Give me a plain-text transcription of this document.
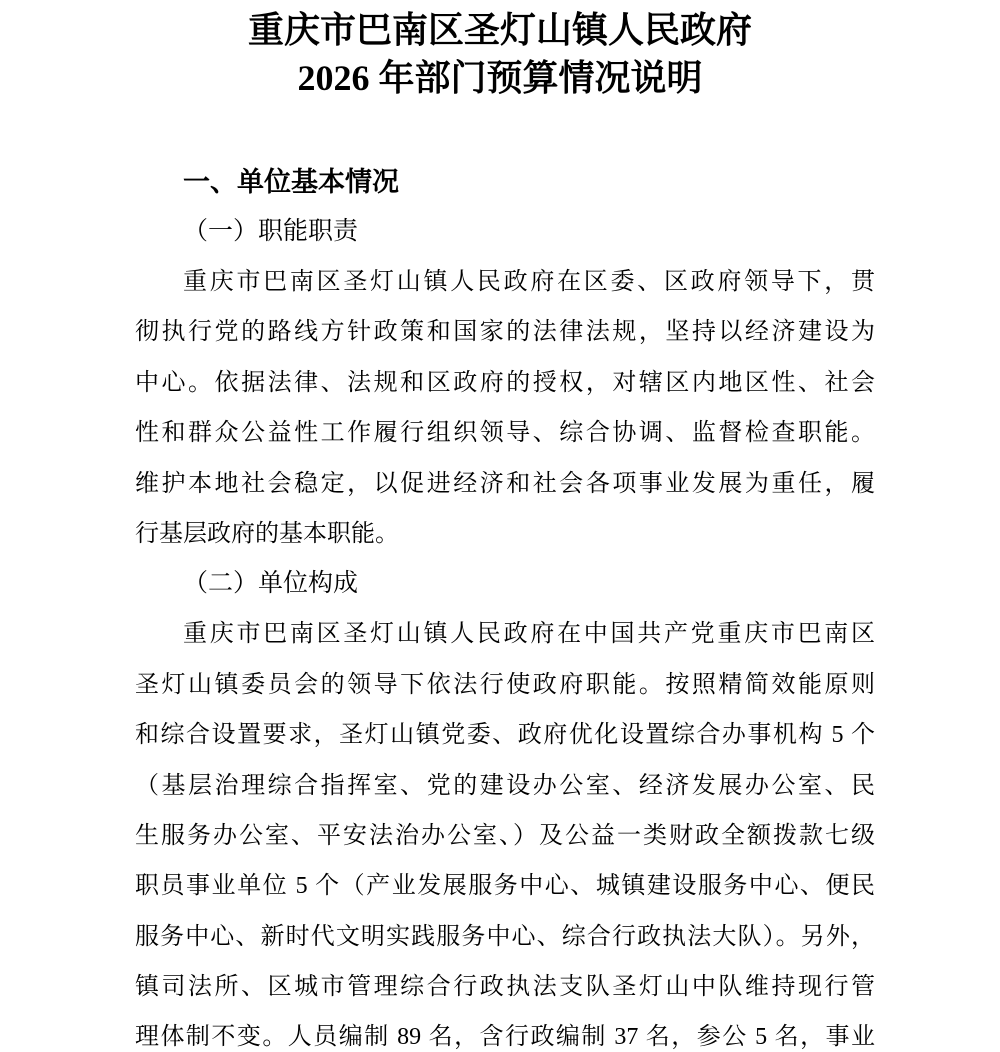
重庆市巴南区圣灯山镇人民政府
2026 年部门预算情况说明
一、单位基本情况
（一）职能职责
重庆市巴南区圣灯山镇人民政府在区委、区政府领导下，贯
彻执行党的路线方针政策和国家的法律法规，坚持以经济建设为
中心。依据法律、法规和区政府的授权，对辖区内地区性、社会
性和群众公益性工作履行组织领导、综合协调、监督检查职能。
维护本地社会稳定，以促进经济和社会各项事业发展为重任，履
行基层政府的基本职能。
（二）单位构成
重庆市巴南区圣灯山镇人民政府在中国共产党重庆市巴南区
圣灯山镇委员会的领导下依法行使政府职能。按照精简效能原则
和综合设置要求，圣灯山镇党委、政府优化设置综合办事机构 5 个
（基层治理综合指挥室、党的建设办公室、经济发展办公室、民
生服务办公室、平安法治办公室、）及公益一类财政全额拨款七级
职员事业单位 5 个（产业发展服务中心、城镇建设服务中心、便民
服务中心、新时代文明实践服务中心、综合行政执法大队）。另外，
镇司法所、区城市管理综合行政执法支队圣灯山中队维持现行管
理体制不变。人员编制 89 名，含行政编制 37 名，参公 5 名，事业
